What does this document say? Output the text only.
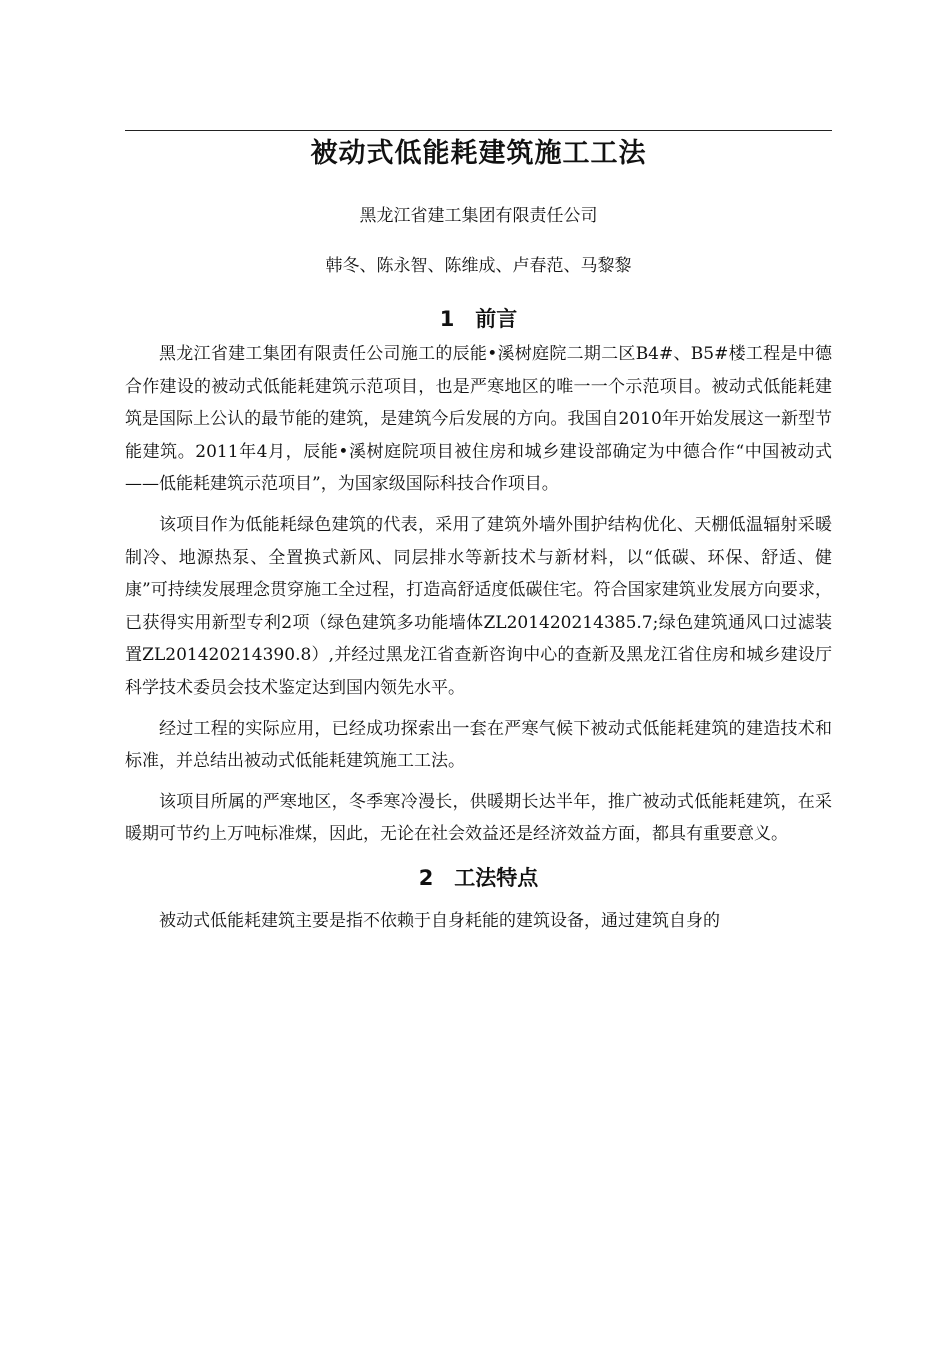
被动式低能耗建筑施工工法
黑龙江省建工集团有限责任公司
韩冬、陈永智、陈维成、卢春范、马黎黎
1　前言

黑龙江省建工集团有限责任公司施工的辰能•溪树庭院二期二区B4#、B5#楼工程是中德合作建设的被动式低能耗建筑示范项目，也是严寒地区的唯一一个示范项目。被动式低能耗建筑是国际上公认的最节能的建筑，是建筑今后发展的方向。我国自2010年开始发展这一新型节能建筑。2011年4月，辰能•溪树庭院项目被住房和城乡建设部确定为中德合作“中国被动式——低能耗建筑示范项目”，为国家级国际科技合作项目。

该项目作为低能耗绿色建筑的代表，采用了建筑外墙外围护结构优化、天棚低温辐射采暖制冷、地源热泵、全置换式新风、同层排水等新技术与新材料，以“低碳、环保、舒适、健康”可持续发展理念贯穿施工全过程，打造高舒适度低碳住宅。符合国家建筑业发展方向要求，已获得实用新型专利2项（绿色建筑多功能墙体ZL201420214385.7;绿色建筑通风口过滤装置ZL201420214390.8）,并经过黑龙江省查新咨询中心的查新及黑龙江省住房和城乡建设厅科学技术委员会技术鉴定达到国内领先水平。

经过工程的实际应用，已经成功探索出一套在严寒气候下被动式低能耗建筑的建造技术和标准，并总结出被动式低能耗建筑施工工法。

该项目所属的严寒地区，冬季寒冷漫长，供暖期长达半年，推广被动式低能耗建筑，在采暖期可节约上万吨标准煤，因此，无论在社会效益还是经济效益方面，都具有重要意义。

2　工法特点

被动式低能耗建筑主要是指不依赖于自身耗能的建筑设备，通过建筑自身的
